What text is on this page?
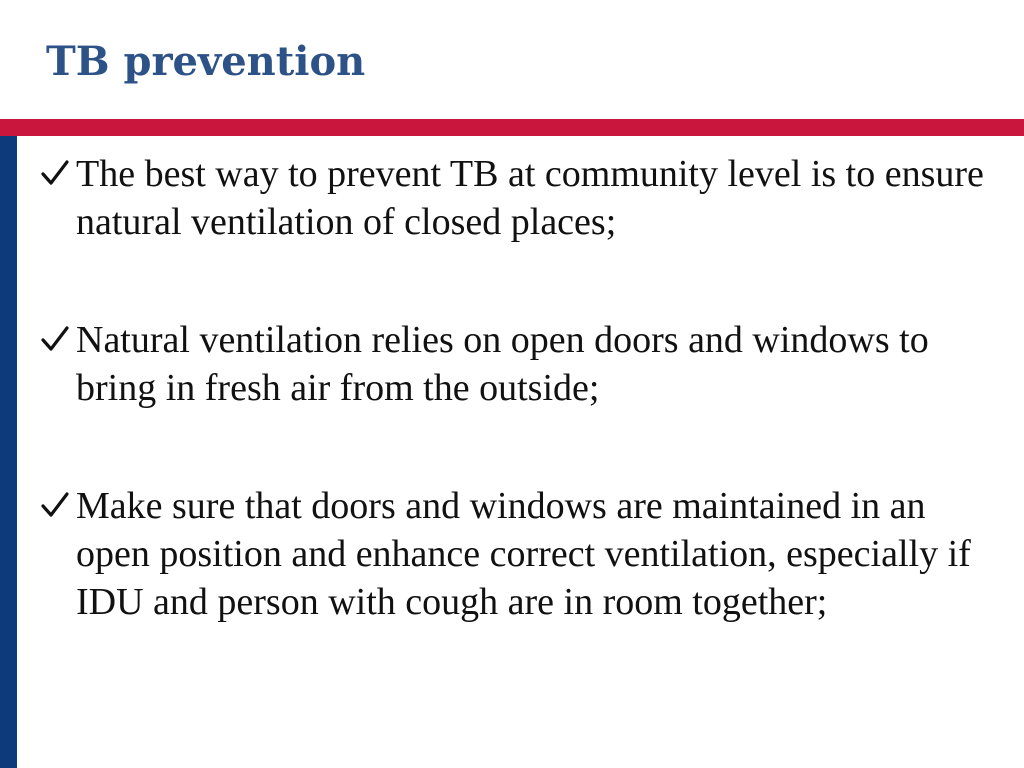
TB prevention
The best way to prevent TB at community level is to ensure natural ventilation of closed places;
Natural ventilation relies on open doors and windows to bring in fresh air from the outside;
Make sure that doors and windows are maintained in an open position and enhance correct ventilation, especially if IDU and person with cough are in room together;
